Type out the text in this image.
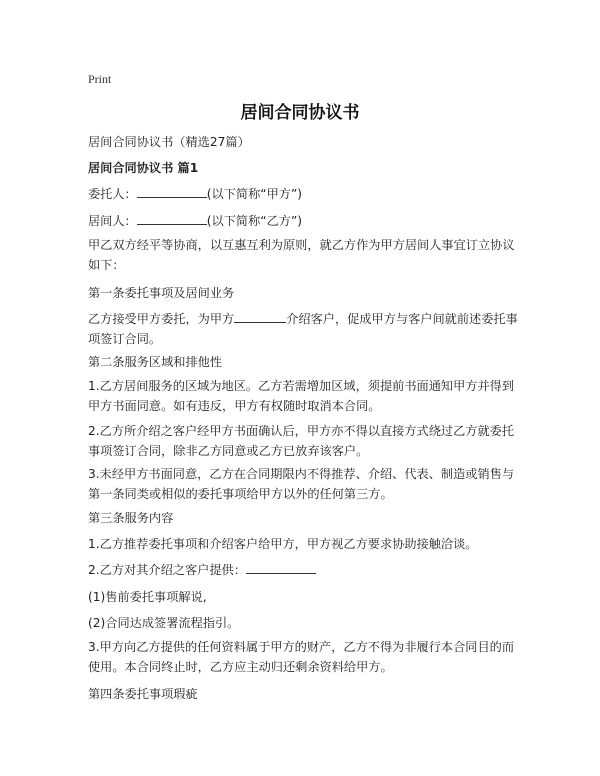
Print
居间合同协议书
居间合同协议书（精选27篇）
居间合同协议书 篇1
委托人：	(以下简称“甲方”)
居间人：	(以下简称“乙方”)
甲乙双方经平等协商，以互惠互利为原则，就乙方作为甲方居间人事宜订立协议如下：
第一条委托事项及居间业务
乙方接受甲方委托，为甲方	介绍客户，促成甲方与客户间就前述委托事项签订合同。
第二条服务区域和排他性
1.乙方居间服务的区域为地区。乙方若需增加区域，须提前书面通知甲方并得到甲方书面同意。如有违反，甲方有权随时取消本合同。
2.乙方所介绍之客户经甲方书面确认后，甲方亦不得以直接方式绕过乙方就委托事项签订合同，除非乙方同意或乙方已放弃该客户。
3.未经甲方书面同意，乙方在合同期限内不得推荐、介绍、代表、制造或销售与第一条同类或相似的委托事项给甲方以外的任何第三方。
第三条服务内容
1.乙方推荐委托事项和介绍客户给甲方，甲方视乙方要求协助接触洽谈。
2.乙方对其介绍之客户提供：
(1)售前委托事项解说,
(2)合同达成签署流程指引。
3.甲方向乙方提供的任何资料属于甲方的财产，乙方不得为非履行本合同目的而使用。本合同终止时，乙方应主动归还剩余资料给甲方。
第四条委托事项瑕疵
